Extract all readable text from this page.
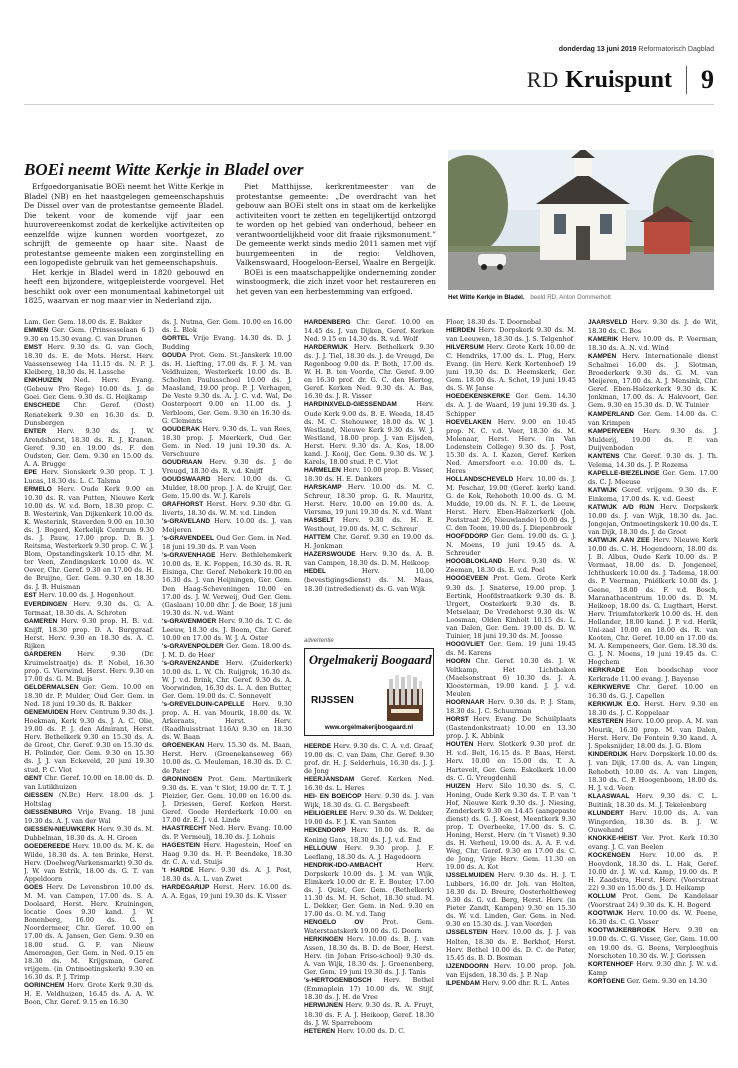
donderdag 13 juni 2019 Reformatorisch Dagblad
RD Kruispunt 9
BOEi neemt Witte Kerkje in Bladel over

Erfgoedorganisatie BOEi neemt het Witte Kerkje in Bladel (NB) en het naastgelegen gemeenschapshuis De Dissel over van de protestantse gemeente Bladel. Die tekent voor de komende vijf jaar een huurovereenkomst zodat de kerkelijke activiteiten op eenzelfde wijze kunnen worden voortgezet, zo schrijft de gemeente op haar site. Naast de protestantse gemeente maken een zorginstelling en een logopediste gebruik van het gemeenschapshuis.

Het kerkje in Bladel werd in 1820 gebouwd en heeft een bijzondere, witgepleisterde voorgevel. Het beschikt ook over een monumentaal kabinetorgel uit 1825, waarvan er nog maar vier in Nederland zijn.

Piet Matthijsse, kerkrentmeester van de protestantse gemeente: „De overdracht van het gebouw aan BOEi stelt ons in staat om de kerkelijke activiteiten voort te zetten en tegelijkertijd ontzorgd te worden op het gebied van onderhoud, beheer en verantwoordelijkheid voor dit fraaie rijksmonument.” De gemeente werkt sinds medio 2011 samen met vijf buurgemeenten in de regio: Veldhoven, Valkenswaard, Hoogeloon-Eersel, Waalre en Bergeijk.

BOEi is een maatschappelijke onderneming zonder winstoogmerk, die zich inzet voor het restaureren en het geven van een herbestemming van erfgoed.

Het Witte Kerkje in Bladel. beeld RD, Anton Dommerholt

Lam. Ger. Gem. 18.00 ds. E. Bakker

EMMEN Ger. Gem. (Prinsesselaan 6 I) 9.30 en 15.30 evang. C. van Drunen

EMST Herv. 9.30 ds. G. van Goch, 18.30 ds. E. de Mots. Herst. Herv. Vaassenseweg 14a 11.15 ds. N. P. J. Kleiberg, 18.30 ds. H. Lassche

ENKHUIZEN Ned. Herv. Evang. (Gebouw Pro Rege) 10.00 ds. J. de Goei. Ger. Gem. 9.30 ds. G. Heijkamp

ENSCHEDE Chr. Geref. (Oost) Renatekerk 9.30 en 16.30 ds. D. Dunsbergen

ENTER Herv. 9.30 ds. J. W. Arendshorst, 18.30 ds. R. J. Kranen. Geref. 9.30 en 19.00 ds. F. den Oudsten, Ger. Gem. 9.30 en 15.00 ds. A. A. Brugge

EPE Herv. Sionskerk 9.30 prop. T. J. Lucas, 18.30 ds. L. C. Talsma

ERMELO Herv. Oude Kerk 9.00 en 10.30 ds. R. van Putten, Nieuwe Kerk 10.00 ds. W. v.d. Born, 18.30 prop. C. B. Westerink, Van Dijkenkerk 10.00 ds. K. Westerink, Staverden 9.00 en 10.30 ds. J. Bogerd, Kerkelijk Centrum 9.30 ds. J. Pauw, 17.00 prop. D. B. J. Reitsma, Westerkerk 9.30 prop. C. W. J. Blom, Opstandingskerk 10.15 dhr. M. ter Veen, Zendingskerk 10.00 ds. W. Oever, Chr. Geref. 9.30 en 17.00 ds. H. de Bruijne, Ger. Gem. 9.30 en 18.30 ds. J. B. Huisman

EST Herv. 10.00 ds. J. Hogenhout

EVERDINGEN Herv. 9.30 ds. G. A. Termaat, 18.30 ds. A. Schroten

GAMEREN Herv. 9.30 prop. H. B. v.d. Knijff, 18.30 prop. D. A. Burggraaf. Herst. Herv. 9.30 en 18.30 ds. A. C. Rijken

GARDEREN Herv. 9.30 (Dr. Kruimelstraatje) ds. P. Nobel, 16.30 prop. G. Vierwind. Herst. Herv. 9.30 en 17.00 ds. G. M. Buijs

GELDERMALSEN Ger. Gem. 10.00 en 18.30 dr. P. Mulder, Oud Ger. Gem. in Ned. 18 juni 19.30 ds. R. Bakker

GENEMUIDEN Herv. Centrum 9.30 ds. J. Hoekman, Kerk 9.30 ds. J. A. C. Olie, 19.00 ds. P. J. den Admirant, Herst. Herv. Bethelkerk 9.30 en 15.30 ds. A. de Groot, Chr. Geref. 9.30 en 15.30 ds. H. Polinder, Ger. Gem. 9.30 en 15.30 ds. J. J. van Eckeveld, 20 juni 19.30 stud. P. C. Vlot

GENT Chr. Geref. 10.00 en 18.00 ds. D. van Lutikhuizen

GIESSEN (N.Br.) Herv. 18.00 ds. J. Holtslag

GIESSENBURG Vrije Evang. 18 juni 19.30 ds. A. J. van der Wal

GIESSEN-NIEUWKERK Herv. 9.30 ds. M. Dubbelman, 18.30 ds. A. H. Groen

GOEDEREEDE Herv. 10.00 ds. M. K. de Wilde, 18.30 ds. A. ten Brinke, Herst. Herv. (Doelweg/Varkensmarkt) 9.30 ds. J. W. van Estrik, 18.00 ds. G. T. van Appeldoorn

GOES Herv. De Levensbron 10.00 ds. M. M. van Campen, 17.00 ds. S. A. Doolaard, Herst. Herv. Kruiningen, locatie Goes 9.30 kand. J. W. Bonenberg, 16.00 ds. G. J. Noordermeer, Chr. Geref. 10.00 en 17.00 ds. A. Jansen, Ger. Gem. 9.30 en 18.00 stud. G. F. van Nieuw Amerongen, Ger. Gem. in Ned. 9.15 en 18.30 ds. M. Krijgsman, Geref. vrijgem. (in Ontmoetingskerk) 9.30 en 16.30 ds. P. J. Trimp

GORINCHEM Herv. Grote Kerk 9.30 ds. H. E. Veldhuizen, 16.45 ds. A. A. W. Boon, Chr. Geref. 9.15 en 16.30

ds. J. Nutma, Ger. Gem. 10.00 en 16.00 ds. L. Blok

GORTEL Vrije Evang. 14.30 ds. D. J. Budding

GOUDA Prot. Gem. St.-Janskerk 10.00 ds. H. Liefting, 17.00 ds. F. J. M. van Veldhuizen, Westerkerk 10.00 ds. B. Scholten Paulusschool 10.00 ds. J. Maasland, 19.00 prop. P. J. Verhagen, De Veste 9.30 ds. A. J. C. v.d. Wal, De Oosterpoort 9.00 en 11.00 ds. J. Verbloom, Ger. Gem. 9.30 en 16.30 ds. G. Clements

GOUDERAK Herv. 9.30 ds. L. van Rees, 18.30 prop. J. Meerkerk, Oud Ger. Gem. in Ned. 19 juni 19.30 ds. A. Verschuure

GOUDRIAAN Herv. 9.30 ds. J. de Vreugd, 18.30 ds. R. v.d. Knijff

GOUDSWAARD Herv. 10.00 ds. G. Mulder, 18.00 prop. J. A. de Kruijf, Ger. Gem. 15.00 ds. W. J. Karels

GRAFHORST Herst. Herv. 9.30 dhr. G. Iiverts, 18.30 ds. W. M. v.d. Linden

's-GRAVELAND Herv. 10.00 ds. J. van Meijeren

's-GRAVENDEEL Oud Ger. Gem. in Ned. 18 juni 19.30 ds. P. van Veen

's-GRAVENHAGE Herv. Bethlehemkerk 10.00 ds. E. K. Foppen, 16.30 ds. R. R. Eisinga, Chr. Geref. Nebokerk 10.00 en 16.30 ds. J. van Heijningen, Ger. Gem. Den Haag-Scheveningen 10.00 en 17.00 ds. J. W. Verweij, Oud Ger. Gem. (Gaslaan) 10.00 dhr. J. de Boer, 18 juni 19.30 ds. N. v.d. Want

's-GRAVENMOER Herv. 9.30 ds. T. C. de Leeuw, 18.30 ds. J. Boom, Chr. Geref. 10.00 en 17.00 ds. W. J. A. Oster

's-GRAVENPOLDER Ger. Gem. 18.00 ds. J. M. D. de Heer

's-GRAVENZANDE Herv. (Zuiderkerk) 10.00 ds. L. W. Ch. Ruijgrok, 16.30 ds. W. J. v.d. Brink, Chr. Geref. 9.30 ds. A. Voorwinden, 16.30 ds. L. A. den Butter, Ger. Gem. 19.00 ds. C. Sonnevelt

's-GREVELDUIN-CAPELLE Herv. 9.30 prop. A. H. van Mourik, 18.00 ds. W. Arkeraats, Herst. Herv. (Raadhuisstraat 116A) 9.30 en 18.30 ds. W. Baan

GROENEKAN Herv. 15.30 ds. M. Baan, Herst. Herv. (Groenekanseweg 66) 10.00 ds. G. Meuleman, 18.30 ds. D. C. de Pater

GRONINGEN Prot. Gem. Martinikerk 9.30 ds. E. van 't Slot, 19.00 dr. T. T. J. Pleizier, Ger. Gem. 10.00 en 16.00 ds. J. Driessen, Geref. Kerken Herst. Geref. Goede Herderkerk 10.00 en 17.00 dr. E. J. v.d. Linde

HAASTRECHT Ned. Herv. Evang. 10.00 ds. P. Vermeulj, 18.30 ds. J. Lohuis

HAGESTEIN Herv. Hagestein, Hoef en Haag 9.30 ds. H. P. Beendeke, 18.30 dr. C. A. v.d. Stuijs

't HARDE Herv. 9.30 ds. A. J. Post, 18.30 ds. A. L. van Zwet

HARDEGARIJP Herst. Herv. 16.00 ds. A. A. Egas, 19 juni 19.30 ds. K. Visser

HARDENBERG Chr. Geref. 10.00 en 14.45 ds. J. van Dijken, Geref. Kerken Ned. 9.15 en 14.30 ds. R. v.d. Wolf

HARDERWIJK Herv. Bethelkerk 9.30 ds. J. J. Tiel, 18.30 ds. J. de Vreugd, De Regenboog 9.00 ds. P. Both, 17.00 ds. W. H. B. ten Voorde, Chr. Geref. 9.00 en 16.30 prof. dr. G. C. den Hertog, Geref. Kerken Ned. 9.30 ds. A. Bas, 16.30 ds. J. R. Visser

HARDINXVELD-GIESSENDAM	Herv. Oude Kerk 9.00 ds. B. E. Weeda, 18.45 ds. M. C. Stehouwer, 18.00 ds. W. J. Westland, Nieuwe Kerk 9.30 ds. W. J. Westland, 18.00 prop. J. van Eijsden, Herst. Herv. 9.30 ds. A. Kos, 18.00 kand. J. Kooij, Ger. Gem. 9.30 ds. W. J. Karels, 18.00 stud. P. C. Vlot

HARMELEN Herv. 10.00 prop. B. Visser, 18.30 ds. H. E. Dankers

HARSKAMP Herv. 10.00 ds. M. C. Schreur, 18.30 prop. G. R. Mauritz, Herst. Herv. 10.00 en 19.00 ds. A. Viersma, 19 juni 19.30 ds. N. v.d. Want

HASSELT Herv. 9.30 ds. H. E. Westhout, 19.00 ds. M. C. Schreur

HATTEM Chr. Geref. 9.30 en 19.00 ds. H. Jonkman

HAZERSWOUDE Herv. 9.30 ds. A. B. van Campen, 18.30 ds. D. M. Heikoop

HEDEL	Herv. 10.00 (bevestigingsdienst) ds. M. Maas, 18.30 (intrededienst) ds. G. van Wijk

advertentie
Orgelmakerij Boogaard
RIJSSEN
www.orgelmakerijboogaard.nl

HEERDE Herv. 9.30 ds. C. A. v.d. Graaf, 19.00 ds. C. van Dam, Chr. Geref. 9.30 prof. dr. H. J. Selderhuis, 16.30 ds. J. J. de Jong

HEERJANSDAM Geref. Kerken Ned. 16.30 ds. L. Heres

HEI- EN BOEICOP Herv. 9.30 ds. J. van Wijk, 18.30 ds. G. C. Bergsbeeft

HEILIGERLEE Herv. 9.30 ds. W. Dekker, 19.00 ds. F. J. K. van Santen

HEKENDORP Herv. 10.00 ds. R. de Koning Gans, 18.30 ds. J. J. v.d. End

HELLOUW Herv. 9.30 prop. J. F. Leeflang, 18.30 ds. A. J. Hagedoorn

HENDRIK-IDO-AMBACHT	Herv. Dorpskerk 10.00 ds. J. M. van Wijk, Elimkerk 10.00 dr. E. E. Bouter, 17.00 ds. J. Quist, Ger. Gem. (Bethelkerk) 11.30 ds. M. H. Schot, 18.30 stud. M. L. Dekker, Ger. Gem. in Ned. 9.30 en 17.00 ds. O. M. v.d. Tang

HENGELO OV	Prot. Gem. Waterstaatskerk 19.00 ds. G. Doorn

HERKINGEN Herv. 10.00 ds. B. J. van Assen, 18.30 ds. B. D. de Boer, Herst. Herv. (in Johan Friso-school) 9.30 ds. A. van Wijk, 18.30 ds. J. Groenenberg, Ger. Gem. 19 juni 19.30 ds. J. J. Tanis

's-HERTOGENBOSCH Herv. Bethel (Emmaplein 17) 10.00 ds. W. Stijf, 18.30 ds. J. H. de Vree

HERWIJNEN Herv. 9.30 ds. R. A. Fruyt, 18.30 ds. F. A. J. Heikoop, Geref. 18.30 ds. J. W. Sparreboom

HETEREN Herv. 10.00 ds. D. C.

Floor, 18.30 ds. T. Doornebal

HIERDEN Herv. Dorpskerk 9.30 ds. M. van Leeuwen, 18.30 ds. J. S. Telgenhof

HILVERSUM Herv. Grote Kerk 10.00 dr. C. Hendriks, 17.00 ds. L. Plug, Herv. Evang. (in Herv. Kerk Kortenhoef) 19 juni 19.30 ds. D. Heemskerk, Ger. Gem. 18.00 ds. A. Schot, 19 juni 19.45 ds. S. W. Janse

HOEDEKENSKERKE Ger. Gem. 14.30 ds. A. J. de Waard, 19 juni 19.30 ds. J. Schipper

HOEVELAKEN Herv. 9.00 en 10.45 prop. N. C. v.d. Veer, 18.30 ds. M. Molenaar, Herst. Herv. (in Van Lodenstein College) 9.30 ds. J. Post, 15.30 ds. A. I. Kazen, Geref. Kerken Ned. Amersfoort e.o. 10.00 ds. L. Heres

HOLLANDSCHEVELD Herv. 10.00 ds. J. M. Peschar, 19.00 (Geref. kerk) kand. G. de Kok, Rehoboth 10.00 ds. G. M. Mudde, 19.00 ds. N. F. L. de Leeuw, Herst. Herv. Eben-Haëzerkerk (Joh. Poststraat 26, Nieuwlande) 10.00 ds. J. C. den Toom, 19.00 ds. J. Diepenbroek

HOOFDDORP Ger. Gem. 19.00 ds. G. J. N. Moens, 19 juni 19.45 ds. A. Schreuder

HOOGBLOKLAND Herv. 9.30 ds. W. Zeeman, 18.30 ds. E. v.d. Poel

HOOGEVEEN Prot. Gem. Grote Kerk 9.30 ds. J. Snaterse, 19.00 prop. J. Eertink, Hoofdstraatkerk 9.30 ds. B. Urgert, Oosterkerk 9.30 ds. B. Metselaar, De Vredehorst 9.30 ds. W. Loosman, Olden Kinholt 10.15 ds. L. van Dalen, Ger. Gem. 19.00 ds. D. W. Tuinier, 18 juni 19.30 ds. M. Joosse

HOOGVLIET Ger. Gem. 19 juni 19.45 ds. M. Karens

HOORN Chr. Geref. 10.30 ds. J. W. Veltkamp, Het Lichtbaken (Maelsonstraat 6) 10.30 ds. J. A. Kloosterman, 19.00 kand. J. J. v.d. Meulen

HOORNAAR Herv. 9.30 ds. P. J. Stam, 18.30 ds. J. C. Schuurman

HORST Herv. Evang. De Schuilplaats (Gastendonkstraat) 10.00 en 13.30 prop. J. K. Abbink

HOUTEN Herv. Slotkerk 9.30 prof. dr. H. v.d. Belt, 16.15 ds. P. Baas, Herst. Herv. 10.00 en 15.00 ds. T. A. Hartevelt, Ger. Gem. Eskolkerk 10.00 ds. C. G. Vreugdenhil

HUIZEN Herv. Silo 10.30 ds. S. C. Honing, Oude Kerk 9.30 ds. T. P. van 't Hof, Nieuwe Kerk 9.30 ds. J. Niesing, Zenderkerk 9.30 en 14.45 (aangepaste dienst) ds. G. J. Koest, Meentkerk 9.30 prop. T. Overbeeke, 17.00 ds. S. C. Honing, Herst. Herv. (in 't Visnet) 9.30 ds. H. Verheul, 19.00 ds. A. A. F. v.d. Weg, Chr. Geref. 9.30 en 17.00 ds. C. de Jong, Vrije Herv. Gem. 11.30 en 19.00 ds. A. Kot

IJSSELMUIDEN Herv. 9.30 ds. H. J. T. Lubbers, 16.00 dr. Joh. van Holten, 18.30 ds. D. Breure, Oosterholtheweg 9.30 ds. G. v.d. Berg, Herst. Herv. (in Pieter Zandt, Kampen) 9.30 en 15.30 ds. W. v.d. Linden, Ger. Gem. in Ned. 9.30 en 15.30 ds. J. van Voorden

IJSSELSTEIN Herv. 10.00 ds. J. J. van Holten, 18.30 ds. E. Berkhof, Herst. Herv. Bethel 10.00 ds. D. C. de Pater, 15.45 ds. B. D. Bosman

IJZENDOORN Herv. 10.00 prop. Joh. van Eijsden, 18.30 ds. J. P. Nap

ILPENDAM Herv. 9.00 dhr. R. L. Antes

JAARSVELD Herv. 9.30 ds. J. de Wit, 18.30 ds. C. Bos

KAMERIK Herv. 10.00 ds. P. Veerman, 18.30 ds. A. N. v.d. Wind

KAMPEN Herv. Internationale dienst Schalmei 16.00 ds. J. Slotman, Broederkerk 9.30 ds. G. M. van Meijeren, 17.00 ds. A. J. Mensink, Chr. Geref. Eben-Haëzerkerk 9.30 ds. K. Jonkman, 17.00 ds. A. Hakvoort, Ger. Gem. 9.30 en 15.30 ds. D. W. Tuinier

KAMPERLAND Ger. Gem. 14.00 ds. C. van Krimpen

KAMPERVEEN Herv. 9.30 ds. J. Mulderij, 19.00 ds. P. van Duijvenboden

KANTENS Chr. Geref. 9.30 ds. J. Th. Velema, 14.30 ds. J. P. Rozema

KAPELLE-BIEZELINGE Ger. Gem. 17.00 ds. C. J. Meeuse

KATWIJK Geref. vrijgem. 9.30 ds. F. Einkema, 17.00 ds. K. v.d. Geest

KATWIJK A/D RIJN Herv. Dorpskerk 10.00 ds. J. van Wijk, 18.30 ds. Jac. Jongejan, Ontmoetingskerk 10.00 ds. T. van Dijk, 18.30 ds. J. de Groot

KATWIJK AAN ZEE Herv. Nieuwe Kerk 10.00 ds. C. H. Hogendoorn, 18.00 ds. J. B. Albus, Oude Kerk 10.00 ds. P. Vermaat, 18.00 ds. D. Jongeneel, Ichthuskerk 10.00 ds. J. Tadema, 18.00 ds. P. Veerman, Pniëlkerk 10.00 ds. J. Geene, 18.00 ds. F. v.d. Bosch, Maranathacentrum 10.00 ds. D. M. Heikoop, 18.00 ds. G. Lugthart, Herst. Herv. Triumfatorkerk 10.00 ds. H. den Hollander, 18.00 kand. J. P. v.d. Herik, Uni-zaal 10.00 en 18.00 ds. R. van Kooten, Chr. Geref. 10.00 en 17.00 ds. M. A. Kempeneers, Ger. Gem. 18.30 ds. G. J. N. Moens, 19 juni 19.45 ds. C. Hogchem

KERKRADE Een boodschap voor Kerkrade 11.00 evang. J. Bayense

KERKWERVE Chr. Geref. 10.00 en 16.30 ds. G. J. Capellen

KERKWIJK E.O. Herst. Herv. 9.30 en 18.30 ds. J. C. Koppelaar

KESTEREN Herv. 10.00 prop. A. M. van Mourik, 16.30 prop. M. van Dalen, Herst. Herv. De Fontein 9.30 kand. A. J. Speksnijder, 18.00 ds. J. G. Blom

KINDERDIJK Herv. Dorpskerk 10.00 ds. J. van Dijk, 17.00 ds. A. van Lingen, Rehoboth 10.00 ds. A. van Lingen, 18.30 ds. C. P. Hoogenboom, 18.00 ds. H. J. v.d. Veen

KLAASWAAL Herv. 9.30 ds. C. L. Buitink, 18.30 ds. M. J. Tekelenburg

KLUNDERT Herv. 10.00 ds. A. van Wingerden, 18.30 ds. B. J. W. Ouwehand

KNOKKE-HEIST Ver. Prot. Kerk 10.30 evang. J. C. van Beelen

KOCKENGEN Herv. 10.00 ds. P. Hooydonk, 18.30 ds. L. Hak, Geref. 10.00 dr. J. W. v.d. Kamp, 19.00 ds. P. H. Zaadstra, Herst. Herv. (Voorstraat 22) 9.30 en 15.00 ds. J. D. Heikamp

KOLLUM Prot. Gem. De Kandelaar (Voorstraat 24) 9.30 ds. K. H. Bogerd

KOOTWIJK Herv. 10.00 ds. W. Peene, 16.30 ds. C. G. Visser

KOOTWIJKERBROEK Herv. 9.30 en 19.00 ds. C. G. Visser, Ger. Gem. 10.00 en 19.00 ds. G. Beens, Verpleeghuis Norschoten 10.30 ds. W. J. Gorissen

KORTENHOEF Herv. 9.30 dhr. J. W. v.d. Kamp

KORTGENE Ger. Gem. 9.30 en 14.30
